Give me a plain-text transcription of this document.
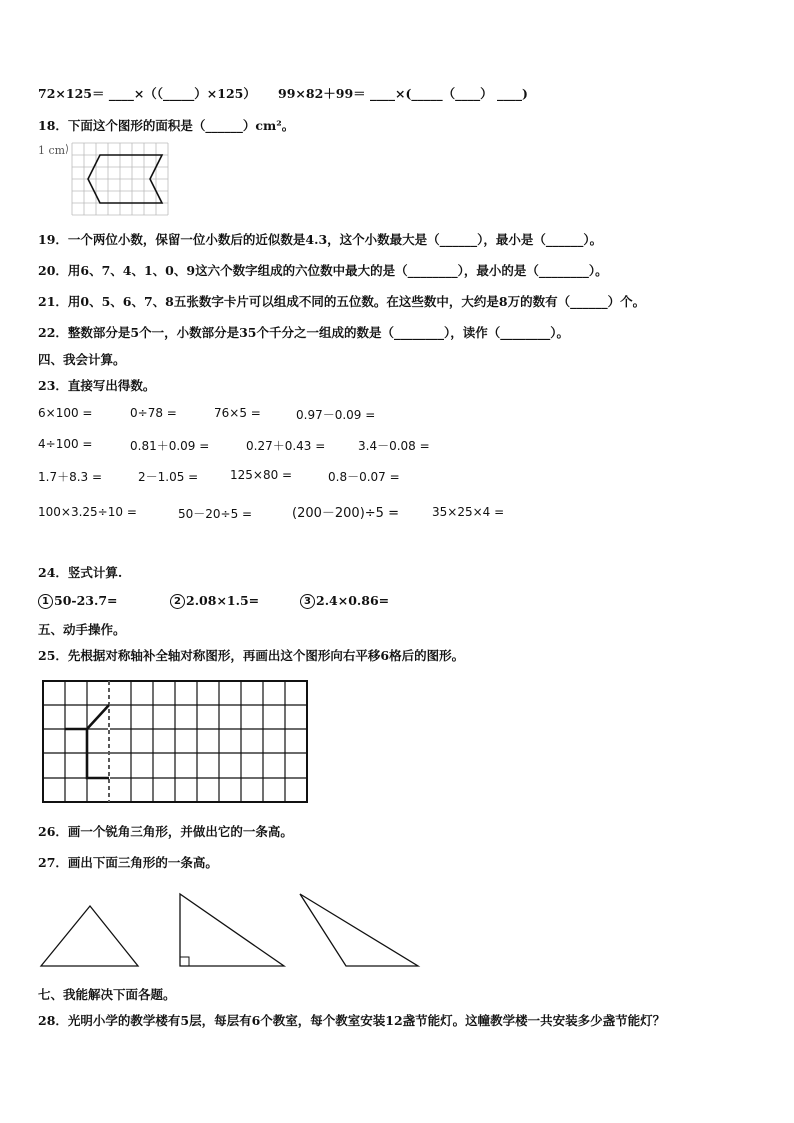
72×125＝ ____×（（_____）×125） 99×82＋99＝ ____×(_____（____） ____)
18．下面这个图形的面积是（______）cm²。
1 cm
19．一个两位小数，保留一位小数后的近似数是4.3，这个小数最大是（______），最小是（______）。
20．用6、7、4、1、0、9这六个数字组成的六位数中最大的是（________），最小的是（________）。
21．用0、5、6、7、8五张数字卡片可以组成不同的五位数。在这些数中，大约是8万的数有（______）个。
22．整数部分是5个一，小数部分是35个千分之一组成的数是（________），读作（________）。
四、我会计算。
23．直接写出得数。
6×100 =	0÷78 =	76×5 =	0.97－0.09 =
4÷100 =	0.81＋0.09 =	0.27＋0.43 =	3.4－0.08 =
1.7＋8.3 =	2－1.05 =	125×80 =	0.8－0.07 =
100×3.25÷10 =	50－20÷5 =	(200－200)÷5 =	35×25×4 =
24．竖式计算.
1 50-23.7=	2 2.08×1.5=	3 2.4×0.86=
五、动手操作。
25．先根据对称轴补全轴对称图形，再画出这个图形向右平移6格后的图形。
26．画一个锐角三角形，并做出它的一条高。
27．画出下面三角形的一条高。
七、我能解决下面各题。
28．光明小学的教学楼有5层，每层有6个教室，每个教室安装12盏节能灯。这幢教学楼一共安装多少盏节能灯？
